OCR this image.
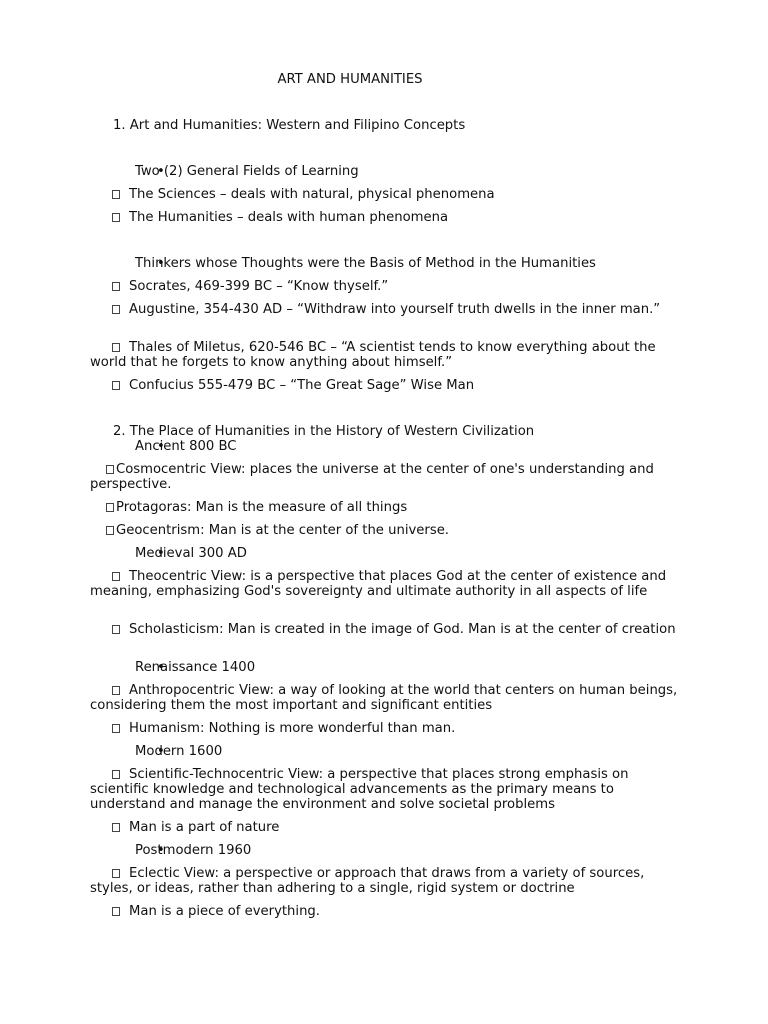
ART AND HUMANITIES

1. Art and Humanities: Western and Filipino Concepts

• Two (2) General Fields of Learning

The Sciences – deals with natural, physical phenomena

The Humanities – deals with human phenomena

• Thinkers whose Thoughts were the Basis of Method in the Humanities

Socrates, 469-399 BC – “Know thyself.”

Augustine, 354-430 AD – “Withdraw into yourself truth dwells in the inner man.”

Thales of Miletus, 620-546 BC – “A scientist tends to know everything about the world that he forgets to know anything about himself.”

Confucius 555-479 BC – “The Great Sage” Wise Man

2. The Place of Humanities in the History of Western Civilization

• Ancient 800 BC

Cosmocentric View: places the universe at the center of one's understanding and perspective.

Protagoras: Man is the measure of all things

Geocentrism: Man is at the center of the universe.

• Medieval 300 AD

Theocentric View: is a perspective that places God at the center of existence and meaning, emphasizing God's sovereignty and ultimate authority in all aspects of life

Scholasticism: Man is created in the image of God. Man is at the center of creation

• Renaissance 1400

Anthropocentric View: a way of looking at the world that centers on human beings, considering them the most important and significant entities

Humanism: Nothing is more wonderful than man.

• Modern 1600

Scientific-Technocentric View: a perspective that places strong emphasis on scientific knowledge and technological advancements as the primary means to understand and manage the environment and solve societal problems

Man is a part of nature

• Postmodern 1960

Eclectic View: a perspective or approach that draws from a variety of sources, styles, or ideas, rather than adhering to a single, rigid system or doctrine

Man is a piece of everything.
